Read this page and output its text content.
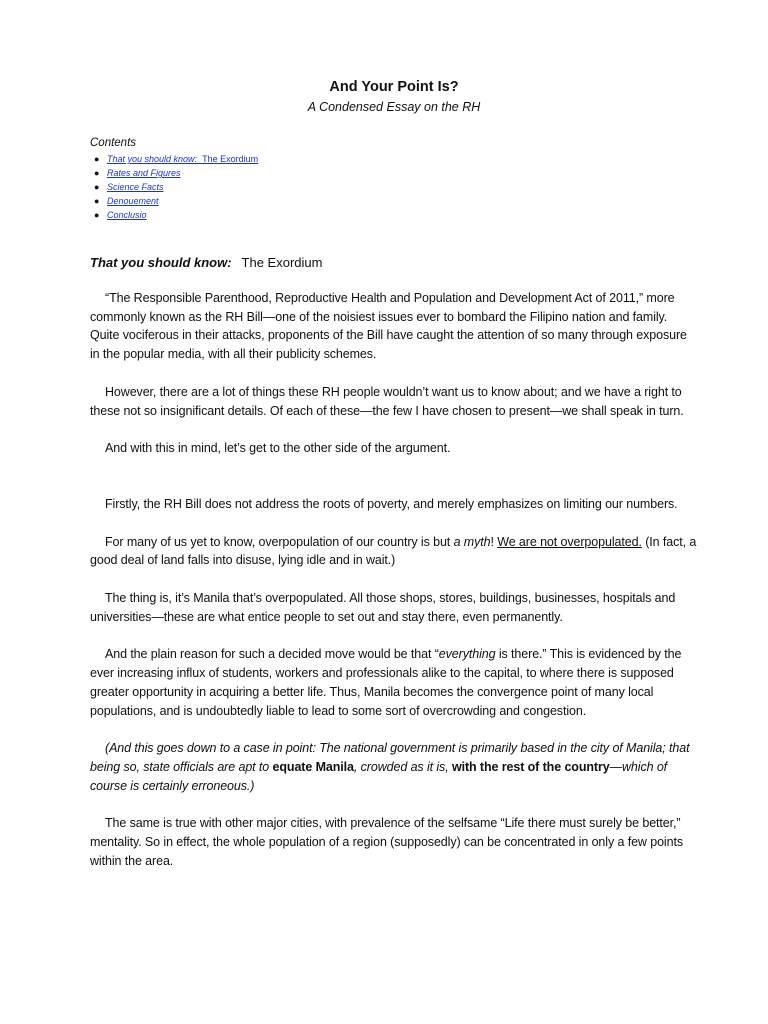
And Your Point Is?
A Condensed Essay on the RH
Contents
● That you should know: The Exordium
● Rates and Figures
● Science Facts
● Denouement
● Conclusio
That you should know: The Exordium

“The Responsible Parenthood, Reproductive Health and Population and Development Act of 2011,” more commonly known as the RH Bill—one of the noisiest issues ever to bombard the Filipino nation and family. Quite vociferous in their attacks, proponents of the Bill have caught the attention of so many through exposure in the popular media, with all their publicity schemes.

However, there are a lot of things these RH people wouldn’t want us to know about; and we have a right to these not so insignificant details. Of each of these—the few I have chosen to present—we shall speak in turn.

And with this in mind, let’s get to the other side of the argument.

Firstly, the RH Bill does not address the roots of poverty, and merely emphasizes on limiting our numbers.

For many of us yet to know, overpopulation of our country is but a myth! We are not overpopulated. (In fact, a good deal of land falls into disuse, lying idle and in wait.)

The thing is, it’s Manila that’s overpopulated. All those shops, stores, buildings, businesses, hospitals and universities—these are what entice people to set out and stay there, even permanently.

And the plain reason for such a decided move would be that “everything is there.” This is evidenced by the ever increasing influx of students, workers and professionals alike to the capital, to where there is supposed greater opportunity in acquiring a better life. Thus, Manila becomes the convergence point of many local populations, and is undoubtedly liable to lead to some sort of overcrowding and congestion.

(And this goes down to a case in point: The national government is primarily based in the city of Manila; that being so, state officials are apt to equate Manila, crowded as it is, with the rest of the country—which of course is certainly erroneous.)

The same is true with other major cities, with prevalence of the selfsame “Life there must surely be better,” mentality. So in effect, the whole population of a region (supposedly) can be concentrated in only a few points within the area.
